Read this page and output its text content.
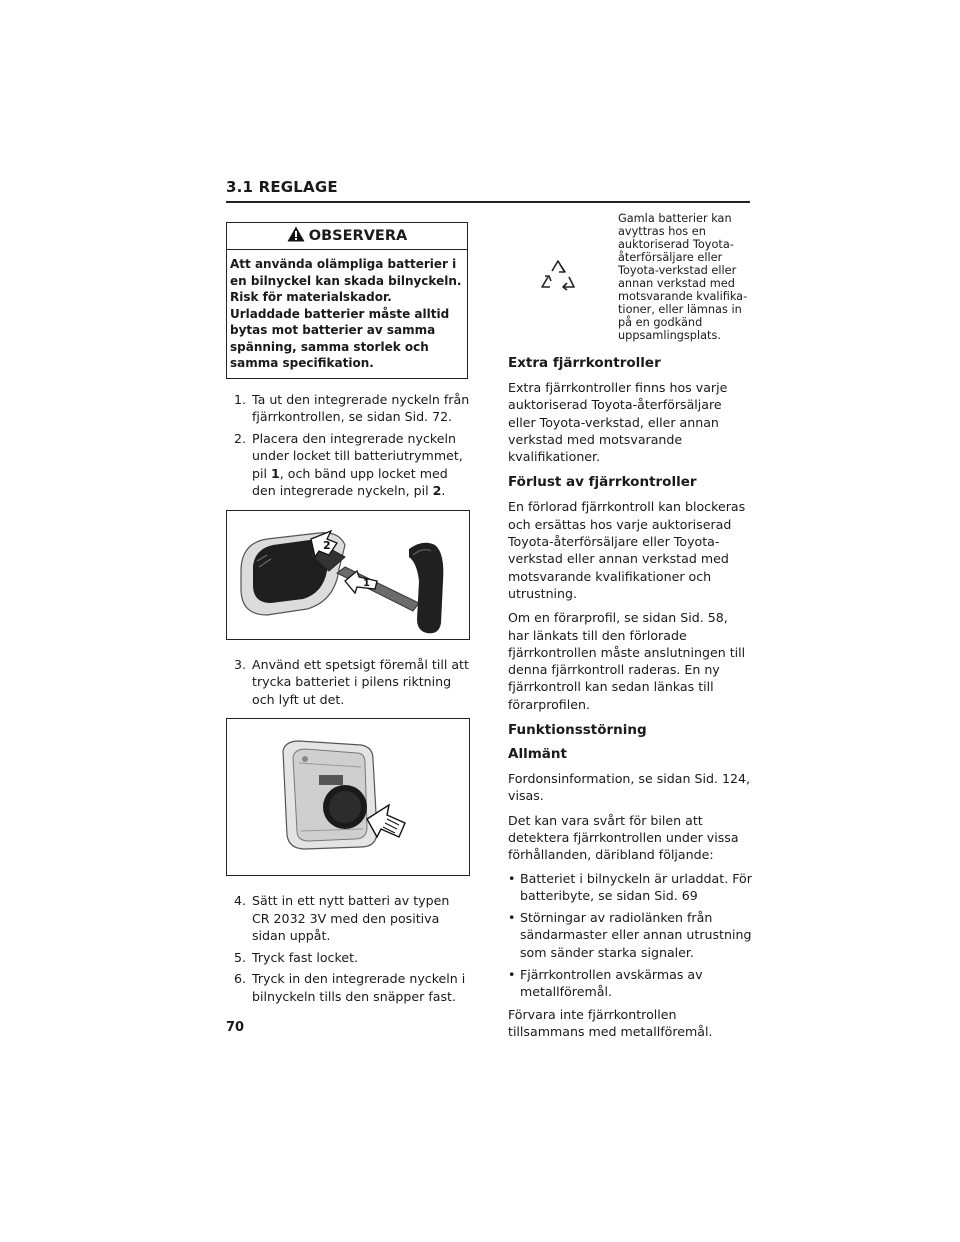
3.1 REGLAGE
OBSERVERA
Att använda olämpliga batterier i en bilnyckel kan skada bilnyckeln. Risk för materialskador. Urladdade batterier måste alltid bytas mot batterier av samma spänning, samma storlek och samma specifikation.
1. Ta ut den integrerade nyckeln från fjärrkontrollen, se sidan Sid. 72.
2. Placera den integrerade nyckeln under locket till batteriutrymmet, pil 1, och bänd upp locket med den integrerade nyckeln, pil 2.
2
1
3. Använd ett spetsigt föremål till att trycka batteriet i pilens riktning och lyft ut det.
4. Sätt in ett nytt batteri av typen CR 2032 3V med den positiva sidan uppåt.
5. Tryck fast locket.
6. Tryck in den integrerade nyckeln i bilnyckeln tills den snäpper fast.
Gamla batterier kan avyttras hos en auktoriserad Toyota-återförsäljare eller Toyota-verkstad eller annan verkstad med motsvarande kvalifika-tioner, eller lämnas in på en godkänd uppsamlingsplats.
Extra fjärrkontroller

Extra fjärrkontroller finns hos varje auktoriserad Toyota-återförsäljare eller Toyota-verkstad, eller annan verkstad med motsvarande kvalifikationer.

Förlust av fjärrkontroller

En förlorad fjärrkontroll kan blockeras och ersättas hos varje auktoriserad Toyota-återförsäljare eller Toyota-verkstad eller annan verkstad med motsvarande kvalifikationer och utrustning.

Om en förarprofil, se sidan Sid. 58, har länkats till den förlorade fjärrkontrollen måste anslutningen till denna fjärrkontroll raderas. En ny fjärrkontroll kan sedan länkas till förarprofilen.

Funktionsstörning
Allmänt

Fordonsinformation, se sidan Sid. 124, visas.

Det kan vara svårt för bilen att detektera fjärrkontrollen under vissa förhållanden, däribland följande:

• Batteriet i bilnyckeln är urladdat. För batteribyte, se sidan Sid. 69
• Störningar av radiolänken från sändarmaster eller annan utrustning som sänder starka signaler.
• Fjärrkontrollen avskärmas av metallföremål.

Förvara inte fjärrkontrollen tillsammans med metallföremål.

70
